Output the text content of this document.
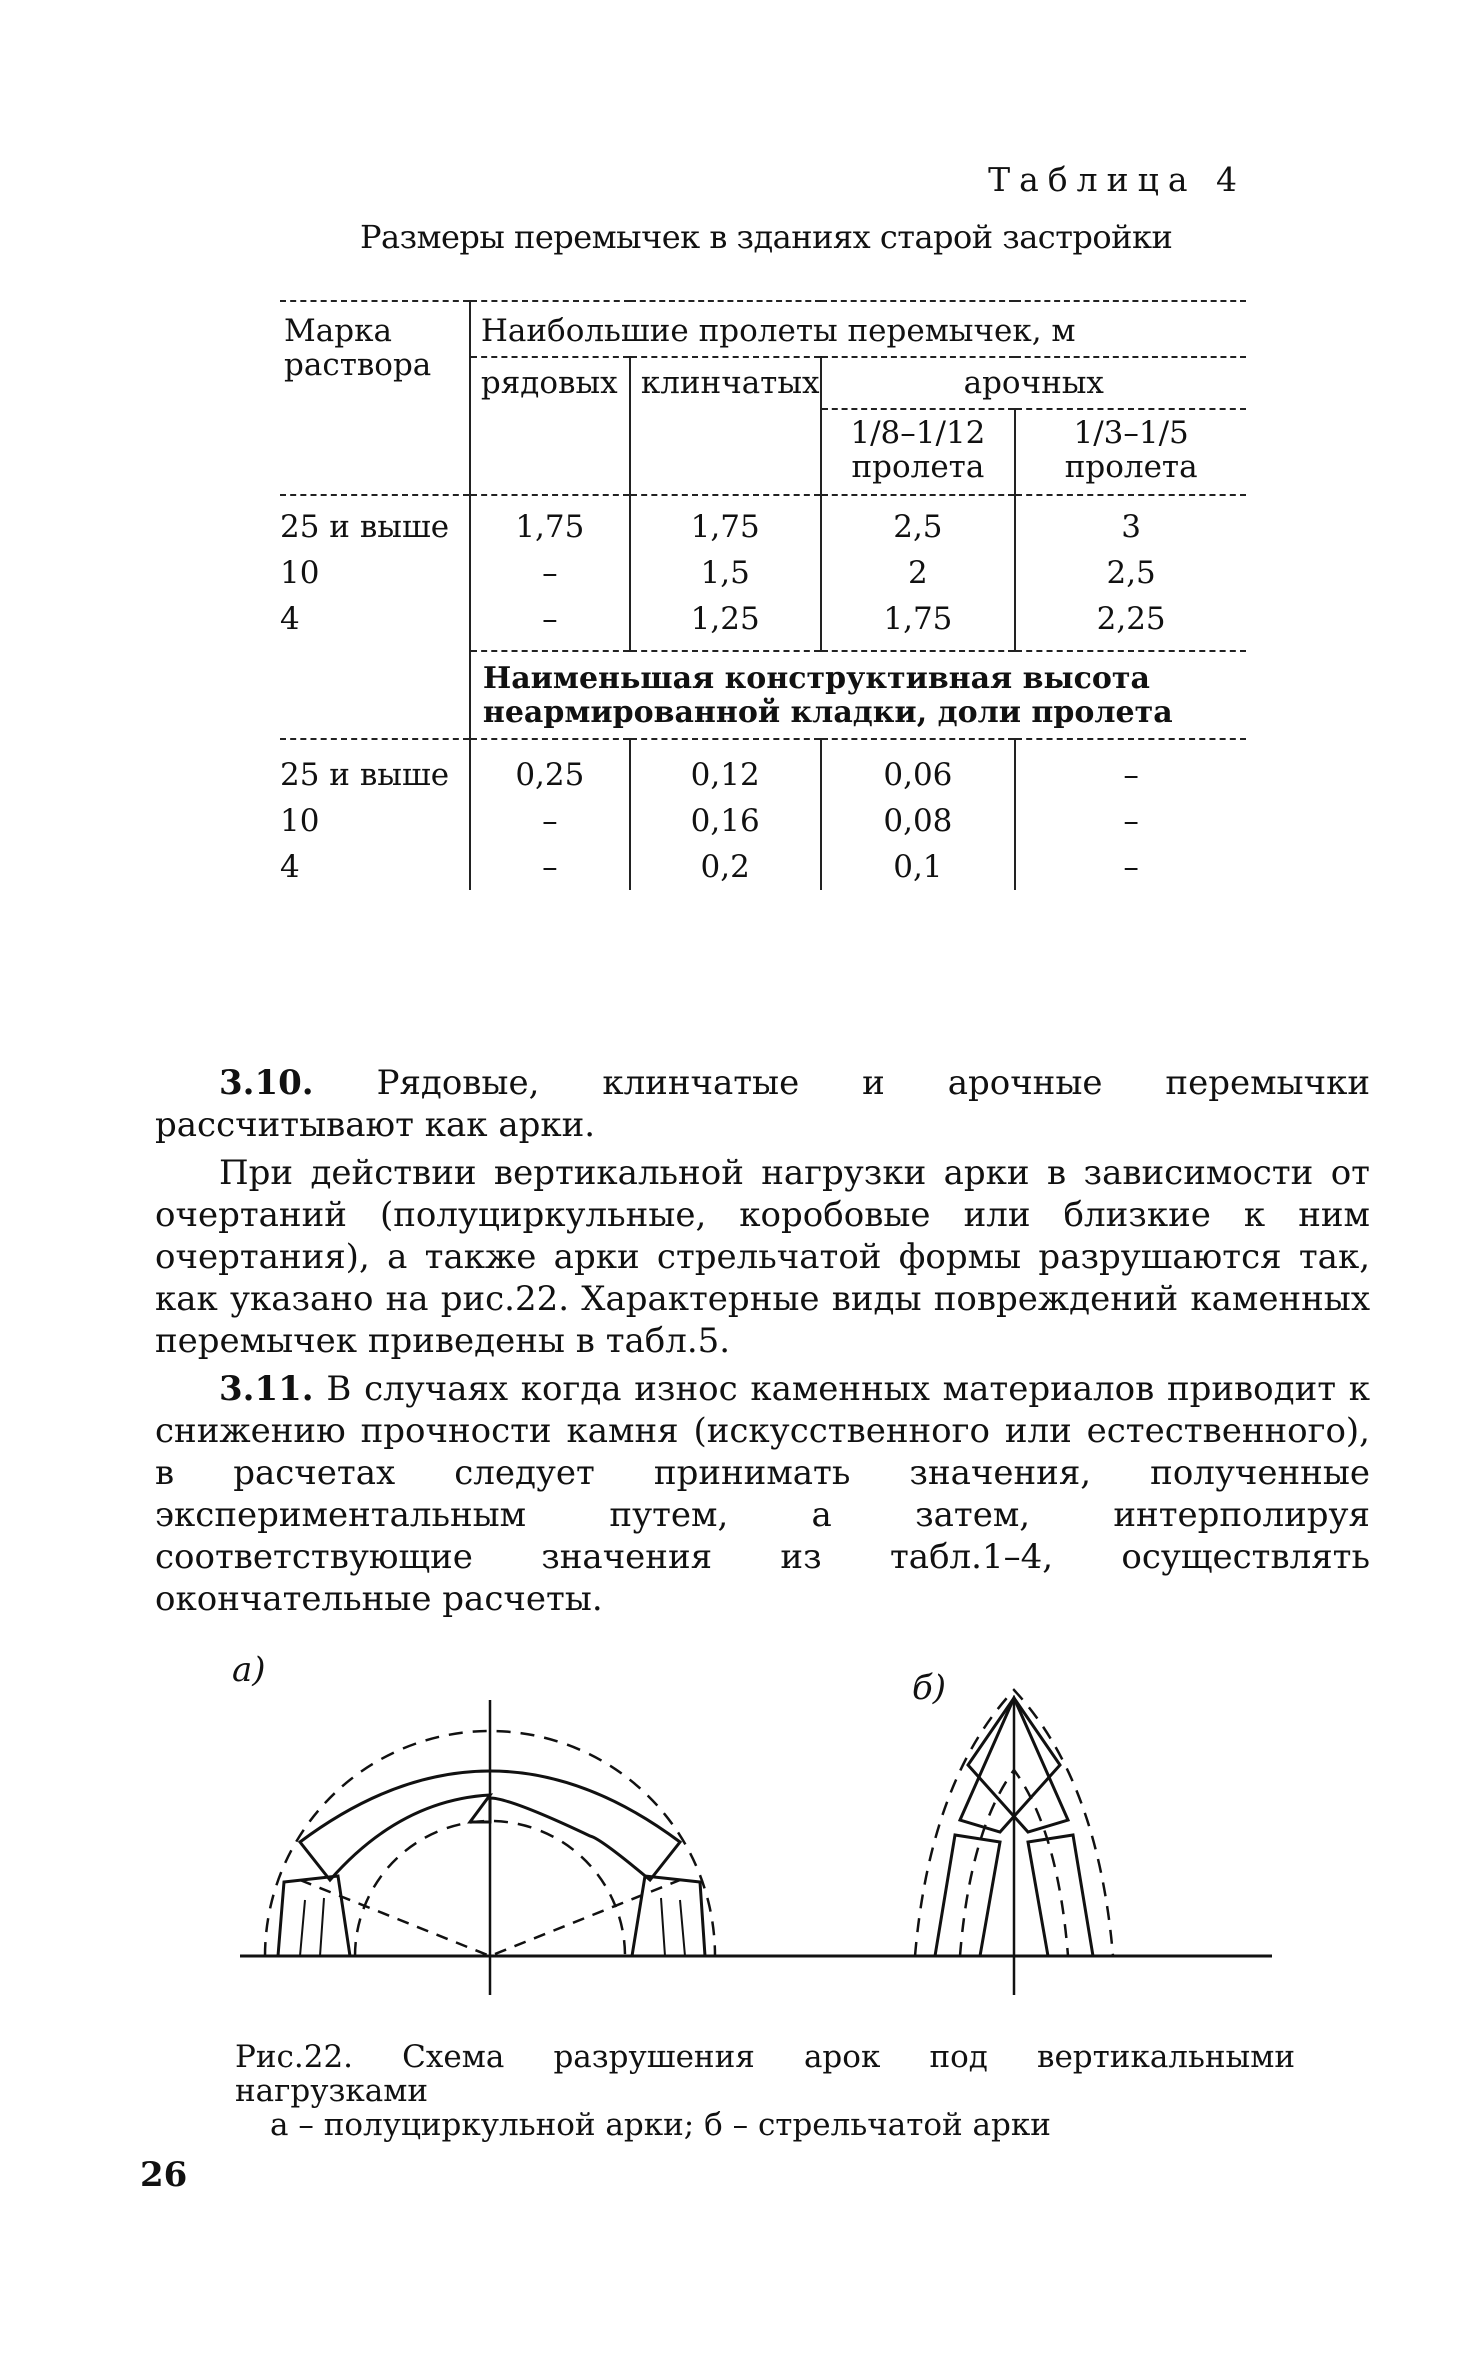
Таблица 4
Размеры перемычек в зданиях старой застройки
Марка раствора	Наибольшие пролеты перемычек, м			
	рядовых	клинчатых	арочных	
			1/8–1/12 пролета	1/3–1/5 пролета
25 и выше	1,75	1,75	2,5	3
10	–	1,5	2	2,5
4	–	1,25	1,75	2,25
	Наименьшая конструктивная высота неармированной кладки, доли пролета			
25 и выше	0,25	0,12	0,06	–
10	–	0,16	0,08	–
4	–	0,2	0,1	–

3.10. Рядовые, клинчатые и арочные перемычки рассчитывают как арки.

При действии вертикальной нагрузки арки в зависимости от очертаний (полуциркульные, коробовые или близкие к ним очертания), а также арки стрельчатой формы разрушаются так, как указано на рис.22. Характерные виды повреждений каменных перемычек приведены в табл.5.

3.11. В случаях когда износ каменных материалов приводит к снижению прочности камня (искусственного или естественного), в расчетах следует принимать значения, полученные экспериментальным путем, а затем, интерполируя соответствующие значения из табл.1–4, осуществлять окончательные расчеты.

а)	б)
Рис.22. Схема разрушения арок под вертикальными нагрузками
а – полуциркульной арки; б – стрельчатой арки
26
